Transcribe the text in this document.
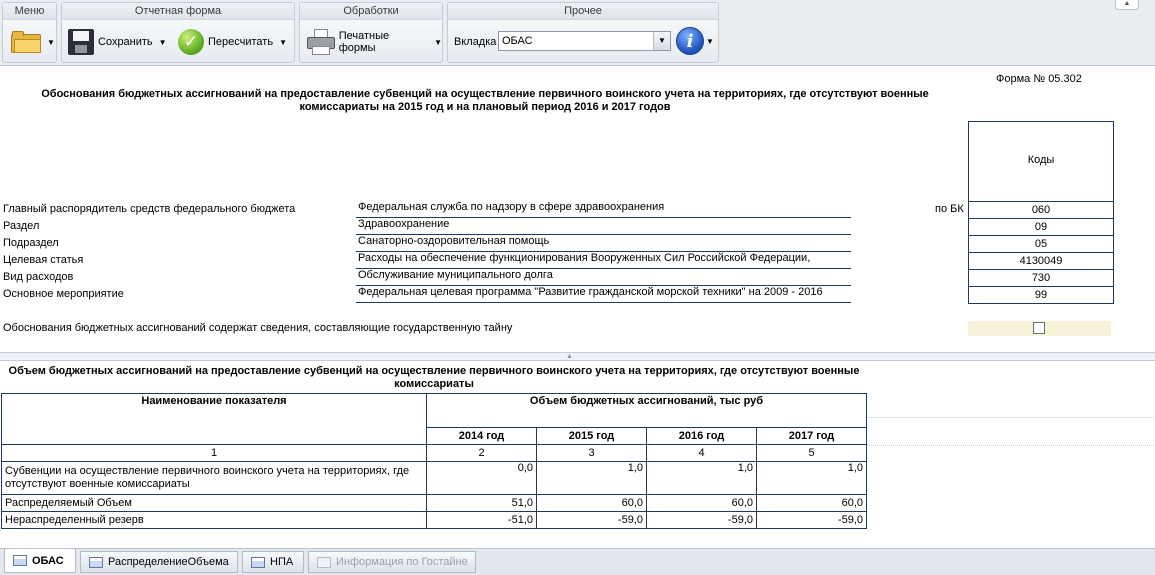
Меню
▼
Отчетная форма
Сохранить ▼	✓ Пересчитать ▼
Обработки
Печатные формы	▼
Прочее
Вкладка ОБАС	▼	i	▼
▲
Форма № 05.302
Обоснования бюджетных ассигнований на предоставление субвенций на осуществление первичного воинского учета на территориях, где отсутствуют военные комиссариаты на 2015 год и на плановый период 2016 и 2017 годов
Коды
по БК
Главный распорядитель средств федерального бюджета	Федеральная служба по надзору в сфере здравоохранения	060
Раздел	Здравоохранение	09
Подраздел	Санаторно-оздоровительная помощь	05
Целевая статья	Расходы на обеспечение функционирования Вооруженных Сил Российской Федерации,	4130049
Вид расходов	Обслуживание муниципального долга	730
Основное мероприятие	Федеральная целевая программа "Развитие гражданской морской техники" на 2009 - 2016	99
Обоснования бюджетных ассигнований содержат сведения, составляющие государственную тайну
▲
Объем бюджетных ассигнований на предоставление субвенций на осуществление первичного воинского учета на территориях, где отсутствуют военные комиссариаты
Наименование показателя	Объем бюджетных ассигнований, тыс руб			
	2014 год	2015 год	2016 год	2017 год
1	2	3	4	5
Субвенции на осуществление первичного воинского учета на территориях, где отсутствуют военные комиссариаты	0,0	1,0	1,0	1,0
Распределяемый Объем	51,0	60,0	60,0	60,0
Нераспределенный резерв	-51,0	-59,0	-59,0	-59,0
ОБАС	РаспределениеОбъема	НПА	Информация по Гостайне
